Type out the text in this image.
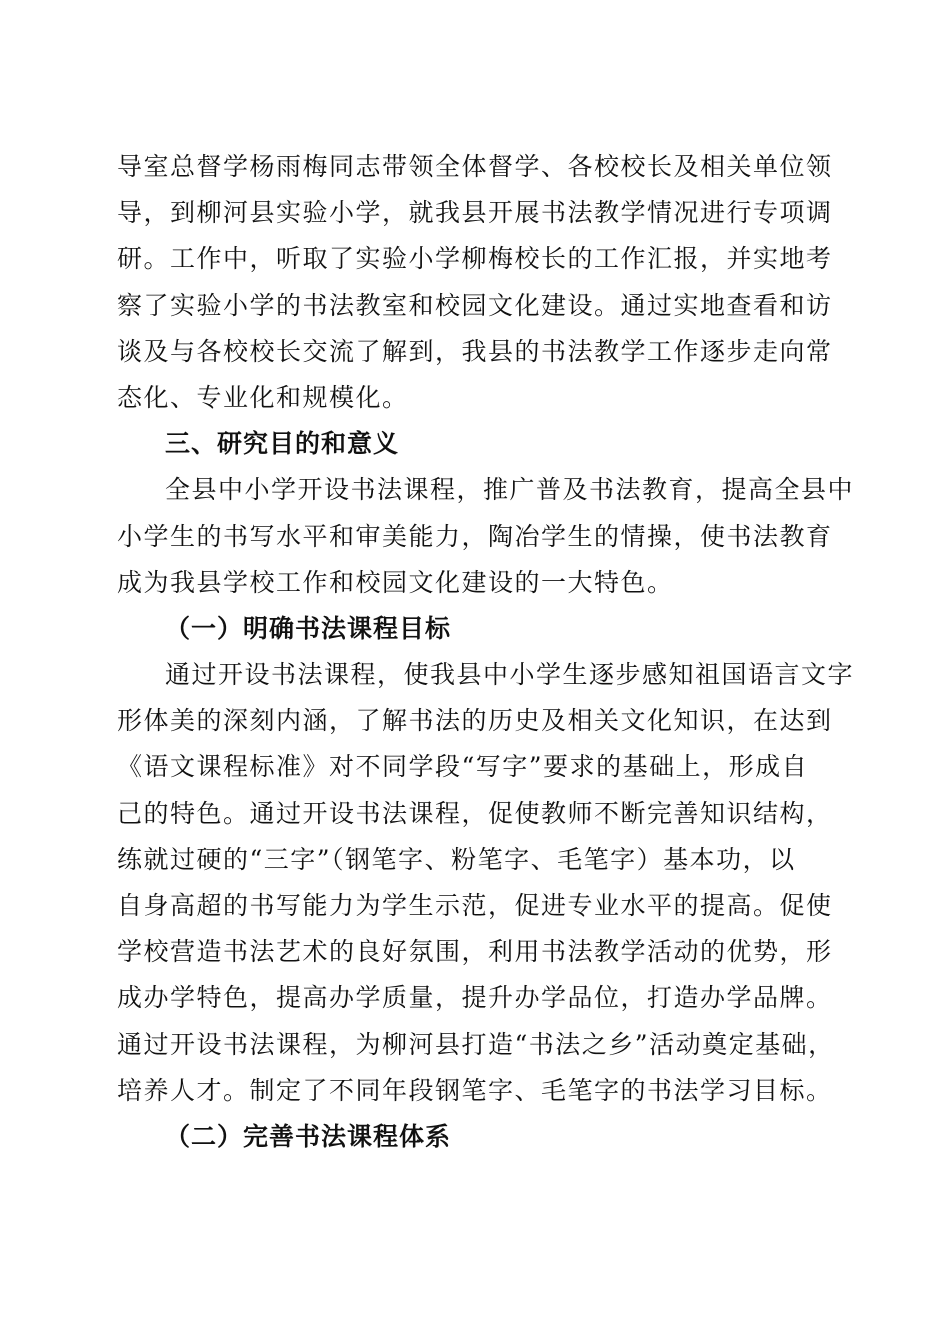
导室总督学杨雨梅同志带领全体督学、各校校长及相关单位领
导，到柳河县实验小学，就我县开展书法教学情况进行专项调
研。工作中，听取了实验小学柳梅校长的工作汇报，并实地考
察了实验小学的书法教室和校园文化建设。通过实地查看和访
谈及与各校校长交流了解到，我县的书法教学工作逐步走向常
态化、专业化和规模化。
三、研究目的和意义
全县中小学开设书法课程，推广普及书法教育，提高全县中
小学生的书写水平和审美能力，陶冶学生的情操，使书法教育
成为我县学校工作和校园文化建设的一大特色。
（一）明确书法课程目标
通过开设书法课程，使我县中小学生逐步感知祖国语言文字
形体美的深刻内涵，了解书法的历史及相关文化知识，在达到
《语文课程标准》对不同学段“写字”要求的基础上，形成自
己的特色。通过开设书法课程，促使教师不断完善知识结构，
练就过硬的“三字”（钢笔字、粉笔字、毛笔字）基本功，以
自身高超的书写能力为学生示范，促进专业水平的提高。促使
学校营造书法艺术的良好氛围，利用书法教学活动的优势，形
成办学特色，提高办学质量，提升办学品位，打造办学品牌。
通过开设书法课程，为柳河县打造“书法之乡”活动奠定基础，
培养人才。制定了不同年段钢笔字、毛笔字的书法学习目标。
（二）完善书法课程体系
